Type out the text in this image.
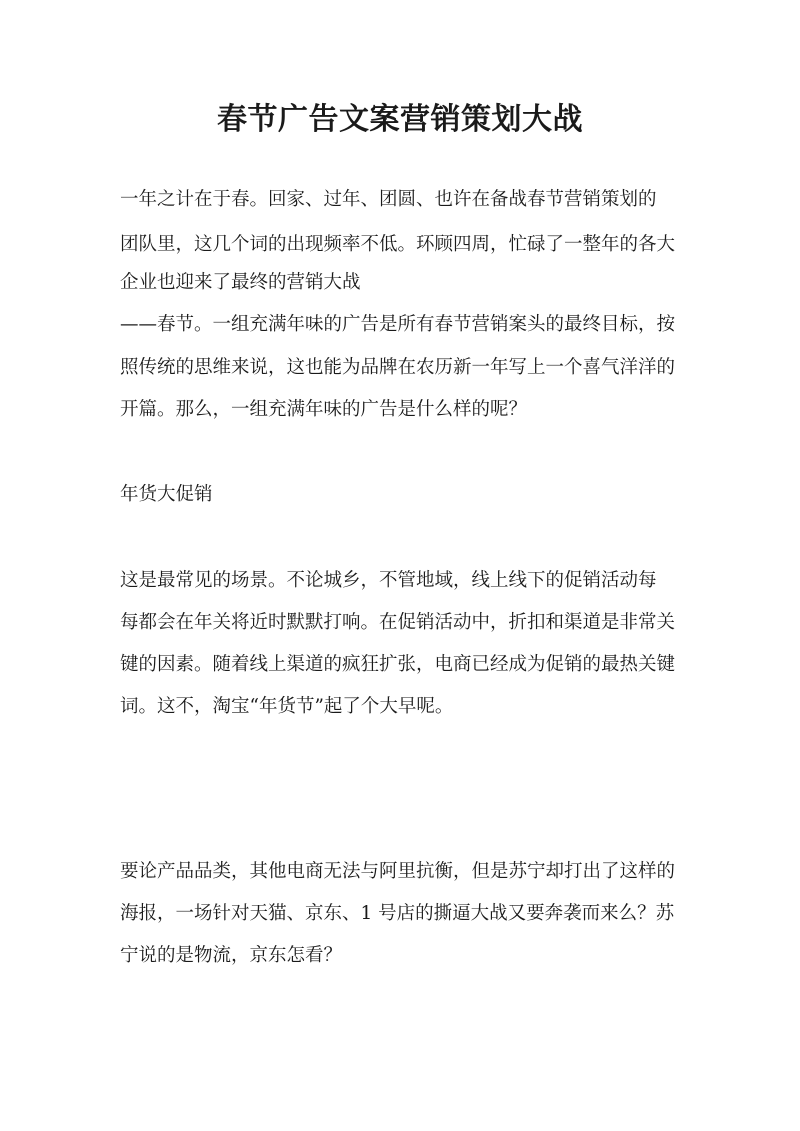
春节广告文案营销策划大战
一年之计在于春。回家、过年、团圆、也许在备战春节营销策划的
团队里，这几个词的出现频率不低。环顾四周，忙碌了一整年的各大
企业也迎来了最终的营销大战
——春节。一组充满年味的广告是所有春节营销案头的最终目标，按
照传统的思维来说，这也能为品牌在农历新一年写上一个喜气洋洋的
开篇。那么，一组充满年味的广告是什么样的呢？
年货大促销
这是最常见的场景。不论城乡，不管地域，线上线下的促销活动每
每都会在年关将近时默默打响。在促销活动中，折扣和渠道是非常关
键的因素。随着线上渠道的疯狂扩张，电商已经成为促销的最热关键
词。这不，淘宝“年货节”起了个大早呢。
要论产品品类，其他电商无法与阿里抗衡，但是苏宁却打出了这样的
海报，一场针对天猫、京东、1 号店的撕逼大战又要奔袭而来么？苏
宁说的是物流，京东怎看？
